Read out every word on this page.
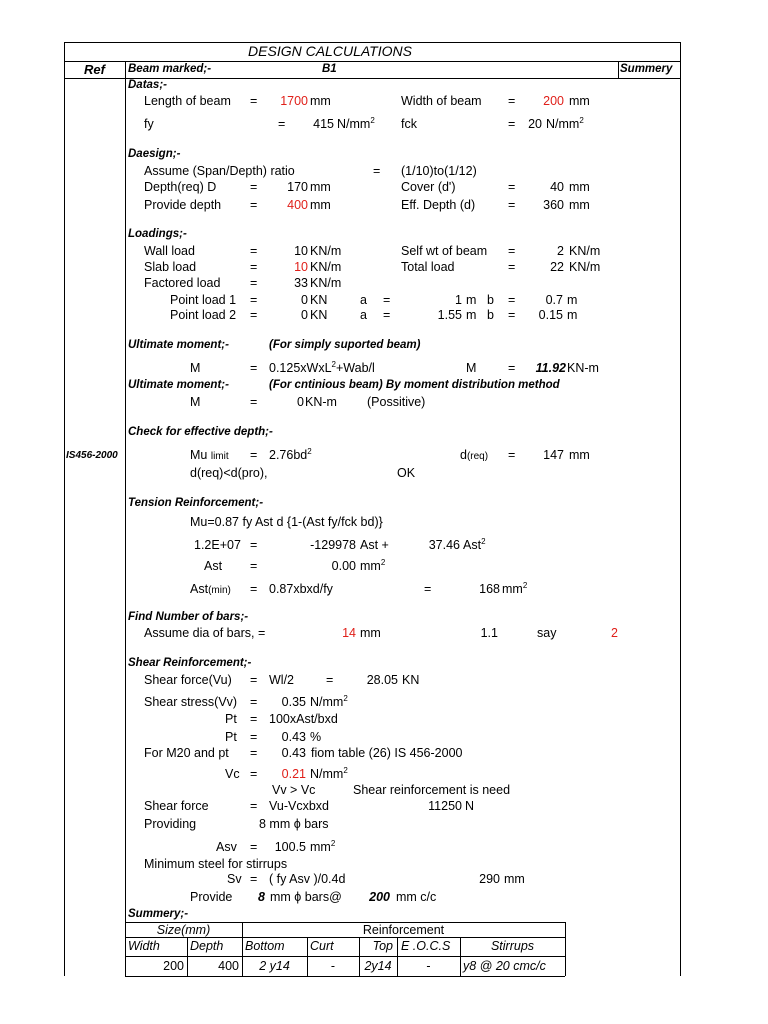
DESIGN CALCULATIONS
Ref	Beam marked;-	B1	Summery
IS456-2000
Datas;-
Length of beam =	1700 mm	Width of beam =	200 mm
fy	=	415 $N/mm^2$ fck	=	20 $N/mm^2$
Daesign;-
Assume (Span/Depth) ratio	= (1/10)to(1/12)
Depth(req) D	=	170 mm	Cover (d')	=	40 mm
Provide depth =	400 mm	Eff. Depth (d)	=	360 mm
Loadings;-
Wall load	=	10 KN/m	Self wt of beam =	2 KN/m
Slab load	=	10 KN/m	Total load	=	22 KN/m
Factored load =	33 KN/m
Point load 1 =	0 KN	a =	1 m b =	0.7 m
Point load 2 =	0 KN	a =	1.55 m b =	0.15 m
Ultimate moment;-	(For simply suported beam)
M	= 0.125xWxL$^2$+Wab/l	M	=	11.92 KN-m
Ultimate moment;-	(For cntinious beam) By moment distribution method
M	=	0 KN-m (Possitive)
Check for effective depth;-
Mu limit = $2.76bd^2$	d(req) =	147 mm
d(req)<d(pro),	OK
Tension Reinforcement;-
Mu=0.87 fy Ast d {1-(Ast fy/fck bd)}
1.2E+07 =	-129978 Ast +	37.46 Ast$^2$
Ast =	0.00 $mm^2$
Ast(min) = 0.87xbxd/fy	=	168 $mm^2$
Find Number of bars;-
Assume dia of bars, =	14 mm	1.1	say	2
Shear Reinforcement;-
Shear force(Vu) = Wl/2	=	28.05 KN
Shear stress(Vv) =	0.35 $N/mm^2$
Pt = 100xAst/bxd
Pt =	0.43 %
For M20 and pt =	0.43 fiom table (26) IS 456-2000
Vc =	0.21 $N/mm^2$
Vv > Vc	Shear reinforcement is need
Shear force	= Vu-Vcxbxd	11250 N
Providing	8 mm ϕ bars
Asv =	100.5 $mm^2$
Minimum steel for stirrups
Sv = ( fy Asv )/0.4d	290 mm
Provide 8 mm ϕ bars@	200 mm c/c
Summery;-
Size(mm)	Reinforcement
Width Depth Bottom Curt	Top E .O.C.S	Stirrups
200	400	2 y14	-	2y14	-	y8 @ 20 cmc/c
